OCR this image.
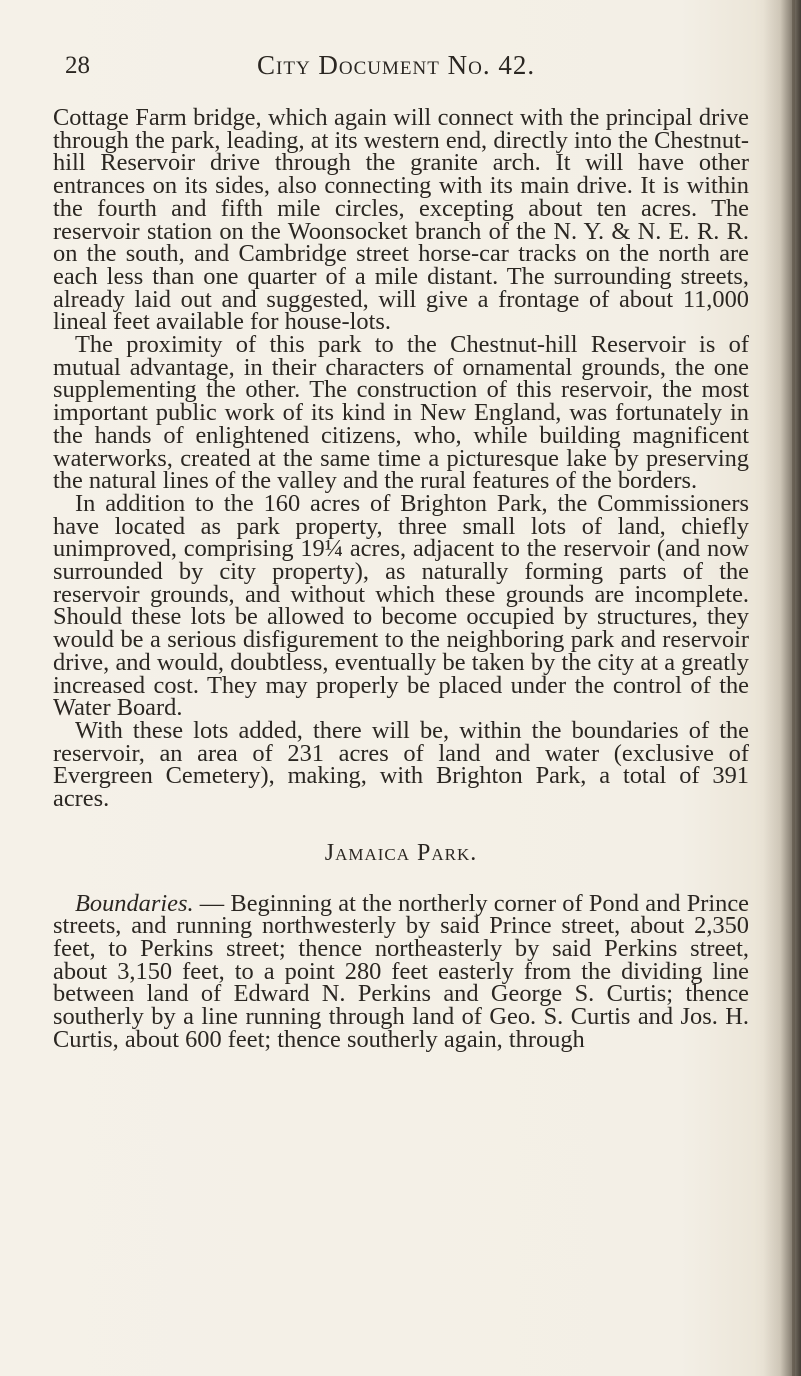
28	City Document No. 42.

Cottage Farm bridge, which again will connect with the principal drive through the park, leading, at its western end, directly into the Chestnut-hill Reservoir drive through the granite arch. It will have other entrances on its sides, also connecting with its main drive. It is within the fourth and fifth mile circles, excepting about ten acres. The reservoir station on the Woonsocket branch of the N. Y. & N. E. R. R. on the south, and Cambridge street horse-car tracks on the north are each less than one quarter of a mile distant. The surrounding streets, already laid out and suggested, will give a frontage of about 11,000 lineal feet available for house-lots.

The proximity of this park to the Chestnut-hill Reservoir is of mutual advantage, in their characters of ornamental grounds, the one supplementing the other. The construction of this reservoir, the most important public work of its kind in New England, was fortunately in the hands of enlightened citizens, who, while building magnificent waterworks, created at the same time a picturesque lake by preserving the natural lines of the valley and the rural features of the borders.

In addition to the 160 acres of Brighton Park, the Commissioners have located as park property, three small lots of land, chiefly unimproved, comprising 19¼ acres, adjacent to the reservoir (and now surrounded by city property), as naturally forming parts of the reservoir grounds, and without which these grounds are incomplete. Should these lots be allowed to become occupied by structures, they would be a serious disfigurement to the neighboring park and reservoir drive, and would, doubtless, eventually be taken by the city at a greatly increased cost. They may properly be placed under the control of the Water Board.

With these lots added, there will be, within the boundaries of the reservoir, an area of 231 acres of land and water (exclusive of Evergreen Cemetery), making, with Brighton Park, a total of 391 acres.

Jamaica Park.

Boundaries. — Beginning at the northerly corner of Pond and Prince streets, and running northwesterly by said Prince street, about 2,350 feet, to Perkins street; thence northeasterly by said Perkins street, about 3,150 feet, to a point 280 feet easterly from the dividing line between land of Edward N. Perkins and George S. Curtis; thence southerly by a line running through land of Geo. S. Curtis and Jos. H. Curtis, about 600 feet; thence southerly again, through
